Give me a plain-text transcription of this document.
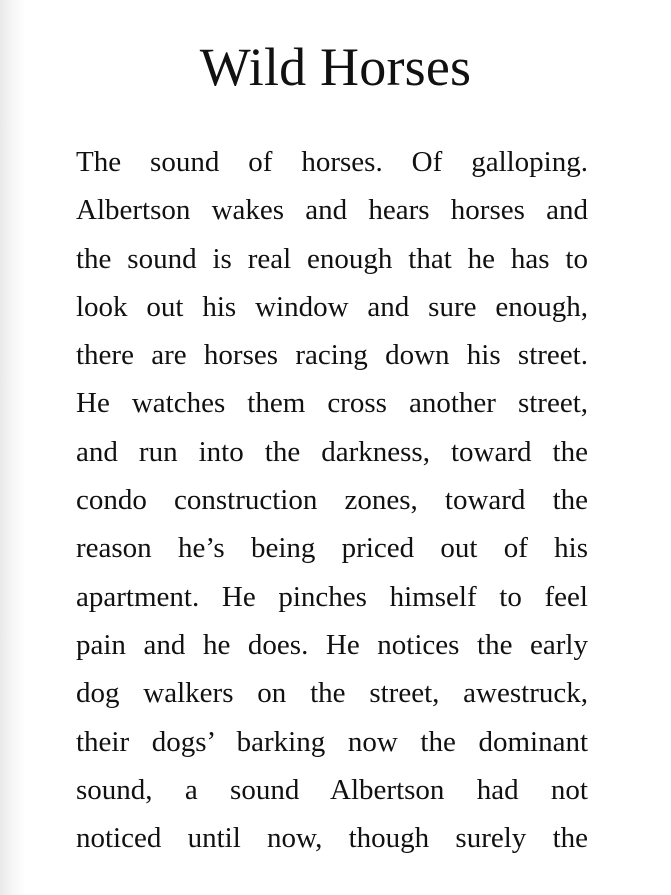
Wild Horses
The sound of horses. Of galloping.
Albertson wakes and hears horses and
the sound is real enough that he has to
look out his window and sure enough,
there are horses racing down his street.
He watches them cross another street,
and run into the darkness, toward the
condo construction zones, toward the
reason he’s being priced out of his
apartment. He pinches himself to feel
pain and he does. He notices the early
dog walkers on the street, awestruck,
their dogs’ barking now the dominant
sound, a sound Albertson had not
noticed until now, though surely the
